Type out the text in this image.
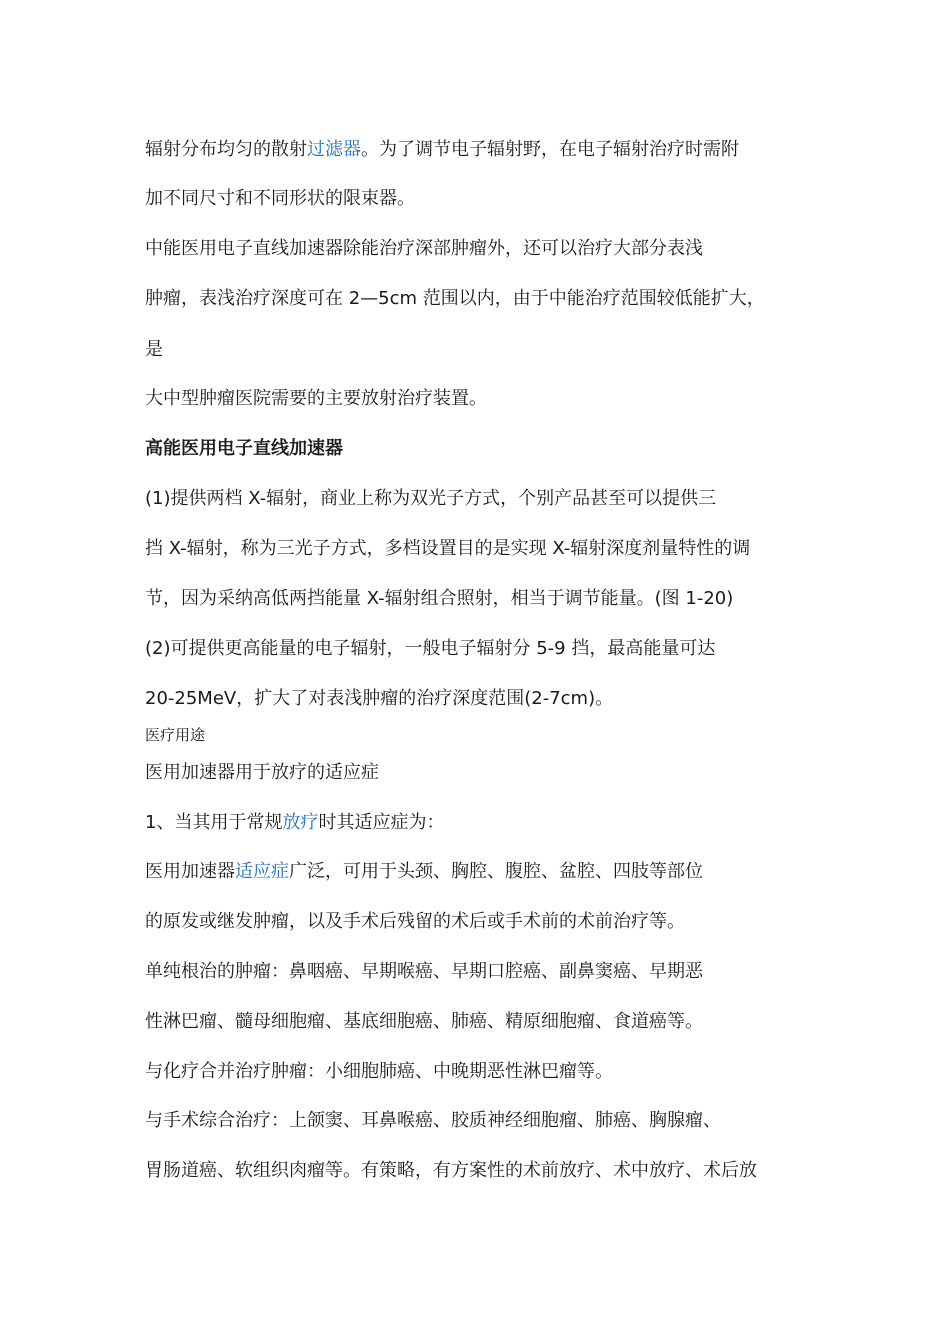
辐射分布均匀的散射过滤器。为了调节电子辐射野，在电子辐射治疗时需附
加不同尺寸和不同形状的限束器。
中能医用电子直线加速器除能治疗深部肿瘤外，还可以治疗大部分表浅
肿瘤，表浅治疗深度可在 2—5cm 范围以内，由于中能治疗范围较低能扩大，
是
大中型肿瘤医院需要的主要放射治疗装置。
高能医用电子直线加速器
(1)提供两档 X-辐射，商业上称为双光子方式，个别产品甚至可以提供三
挡 X-辐射，称为三光子方式，多档设置目的是实现 X-辐射深度剂量特性的调
节，因为采纳高低两挡能量 X-辐射组合照射，相当于调节能量。(图 1-20)
(2)可提供更高能量的电子辐射，一般电子辐射分 5-9 挡，最高能量可达
20-25MeV，扩大了对表浅肿瘤的治疗深度范围(2-7cm)。
医疗用途
医用加速器用于放疗的适应症
1、当其用于常规放疗时其适应症为：
医用加速器适应症广泛，可用于头颈、胸腔、腹腔、盆腔、四肢等部位
的原发或继发肿瘤，以及手术后残留的术后或手术前的术前治疗等。
单纯根治的肿瘤：鼻咽癌、早期喉癌、早期口腔癌、副鼻窦癌、早期恶
性淋巴瘤、髓母细胞瘤、基底细胞癌、肺癌、精原细胞瘤、食道癌等。
与化疗合并治疗肿瘤：小细胞肺癌、中晚期恶性淋巴瘤等。
与手术综合治疗：上颌窦、耳鼻喉癌、胶质神经细胞瘤、肺癌、胸腺瘤、
胃肠道癌、软组织肉瘤等。有策略，有方案性的术前放疗、术中放疗、术后放
